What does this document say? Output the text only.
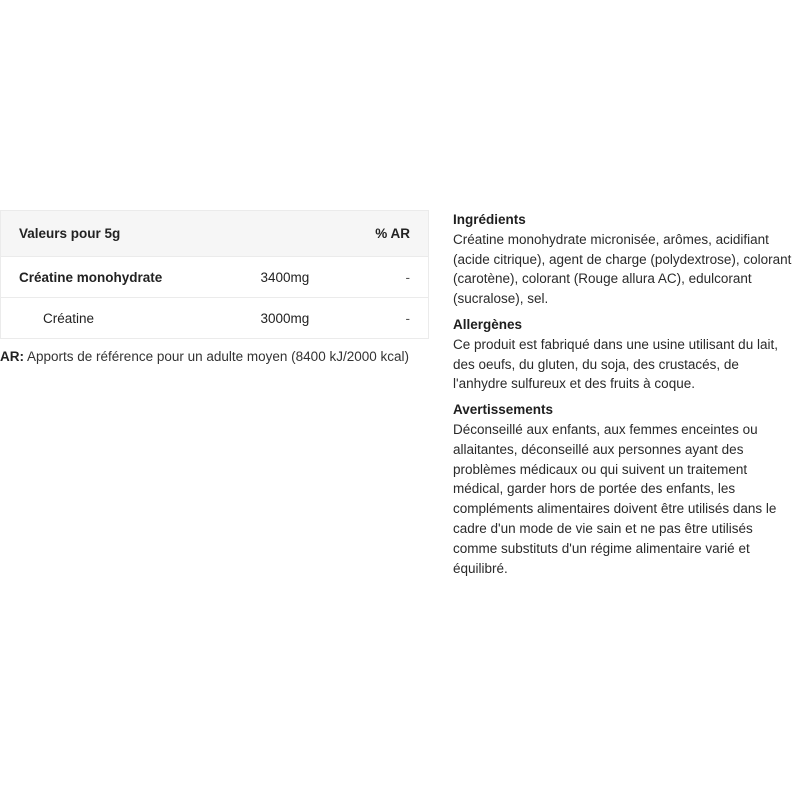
Valeurs pour 5g		% AR
Créatine monohydrate	3400mg	-
Créatine	3000mg	-

AR: Apports de référence pour un adulte moyen (8400 kJ/2000 kcal)

Ingrédients
Créatine monohydrate micronisée, arômes, acidifiant (acide citrique), agent de charge (polydextrose), colorant (carotène), colorant (Rouge allura AC), edulcorant (sucralose), sel.
Allergènes
Ce produit est fabriqué dans une usine utilisant du lait, des oeufs, du gluten, du soja, des crustacés, de l'anhydre sulfureux et des fruits à coque.
Avertissements
Déconseillé aux enfants, aux femmes enceintes ou allaitantes, déconseillé aux personnes ayant des problèmes médicaux ou qui suivent un traitement médical, garder hors de portée des enfants, les compléments alimentaires doivent être utilisés dans le cadre d'un mode de vie sain et ne pas être utilisés comme substituts d'un régime alimentaire varié et équilibré.
